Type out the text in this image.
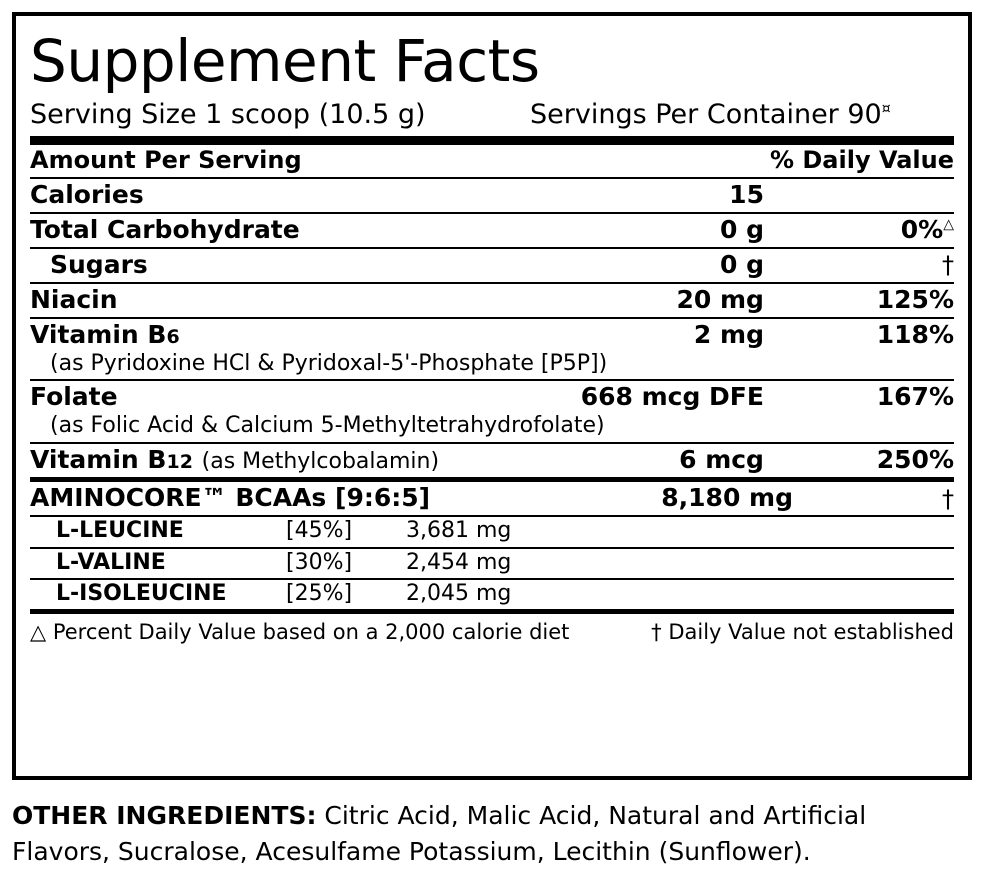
Supplement Facts
Serving Size 1 scoop (10.5 g)	Servings Per Container 90¤
Amount Per Serving		% Daily Value
Calories	15	
Total Carbohydrate	0 g	0%△
Sugars	0 g	†
Niacin	20 mg	125%
Vitamin B6	2 mg	118%
(as Pyridoxine HCl & Pyridoxal-5'-Phosphate [P5P])		
Folate	668 mcg DFE	167%
(as Folic Acid & Calcium 5-Methyltetrahydrofolate)		
Vitamin B12 (as Methylcobalamin)	6 mcg	250%
AMINOCORE™ BCAAs [9:6:5]	8,180 mg	†
L-LEUCINE	[45%]	3,681 mg
L-VALINE	[30%]	2,454 mg
L-ISOLEUCINE	[25%]	2,045 mg
△ Percent Daily Value based on a 2,000 calorie diet	† Daily Value not established
OTHER INGREDIENTS: Citric Acid, Malic Acid, Natural and Artificial Flavors, Sucralose, Acesulfame Potassium, Lecithin (Sunflower).
